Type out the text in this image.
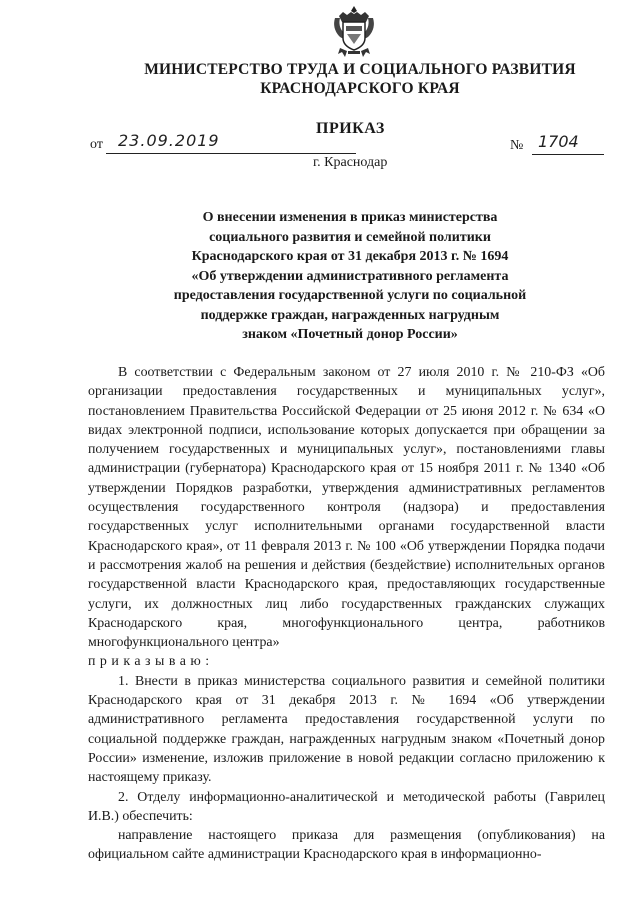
МИНИСТЕРСТВО ТРУДА И СОЦИАЛЬНОГО РАЗВИТИЯ
КРАСНОДАРСКОГО КРАЯ
ПРИКАЗ
от 23.09.2019	№ 1704
г. Краснодар
О внесении изменения в приказ министерства
социального развития и семейной политики
Краснодарского края от 31 декабря 2013 г. № 1694
«Об утверждении административного регламента
предоставления государственной услуги по социальной
поддержке граждан, награжденных нагрудным
знаком «Почетный донор России»

В соответствии с Федеральным законом от 27 июля 2010 г. № 210-ФЗ «Об организации предоставления государственных и муниципальных услуг», постановлением Правительства Российской Федерации от 25 июня 2012 г. № 634 «О видах электронной подписи, использование которых допускается при обращении за получением государственных и муниципальных услуг», постановлениями главы администрации (губернатора) Краснодарского края от 15 ноября 2011 г. № 1340 «Об утверждении Порядков разработки, утверждения административных регламентов осуществления государственного контроля (надзора) и предоставления государственных услуг исполнительными органами государственной власти Краснодарского края», от 11 февраля 2013 г. № 100 «Об утверждении Порядка подачи и рассмотрения жалоб на решения и действия (бездействие) исполнительных органов государственной власти Краснодарского края, предоставляющих государственные услуги, их должностных лиц либо государственных гражданских служащих Краснодарского края, многофункционального центра, работников многофункционального центра»

приказываю:

1. Внести в приказ министерства социального развития и семейной политики Краснодарского края от 31 декабря 2013 г. № 1694 «Об утверждении административного регламента предоставления государственной услуги по социальной поддержке граждан, награжденных нагрудным знаком «Почетный донор России» изменение, изложив приложение в новой редакции согласно приложению к настоящему приказу.

2. Отделу информационно-аналитической и методической работы (Гаврилец И.В.) обеспечить:

направление настоящего приказа для размещения (опубликования) на официальном сайте администрации Краснодарского края в информационно-
